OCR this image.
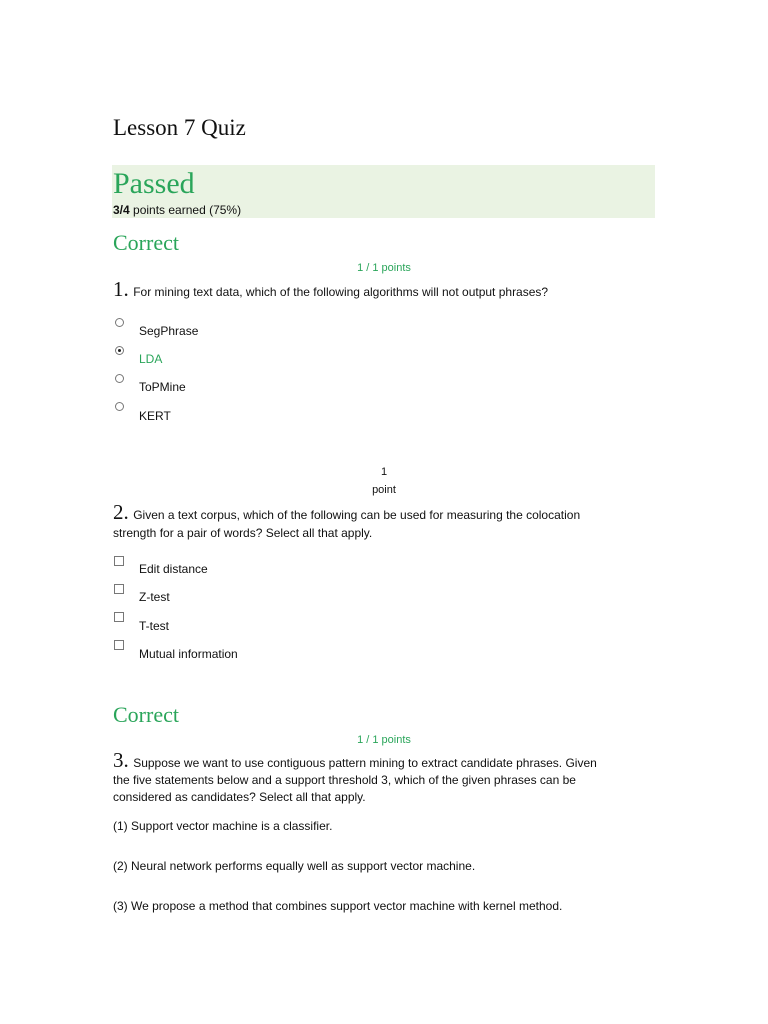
Lesson 7 Quiz
Passed
3/4 points earned (75%)
Correct
1 / 1 points
1. For mining text data, which of the following algorithms will not output phrases?
SegPhrase
LDA
ToPMine
KERT
1
point
2. Given a text corpus, which of the following can be used for measuring the colocation
strength for a pair of words? Select all that apply.
Edit distance
Z-test
T-test
Mutual information
Correct
1 / 1 points
3. Suppose we want to use contiguous pattern mining to extract candidate phrases. Given
the five statements below and a support threshold 3, which of the given phrases can be
considered as candidates? Select all that apply.
(1) Support vector machine is a classifier.
(2) Neural network performs equally well as support vector machine.
(3) We propose a method that combines support vector machine with kernel method.
